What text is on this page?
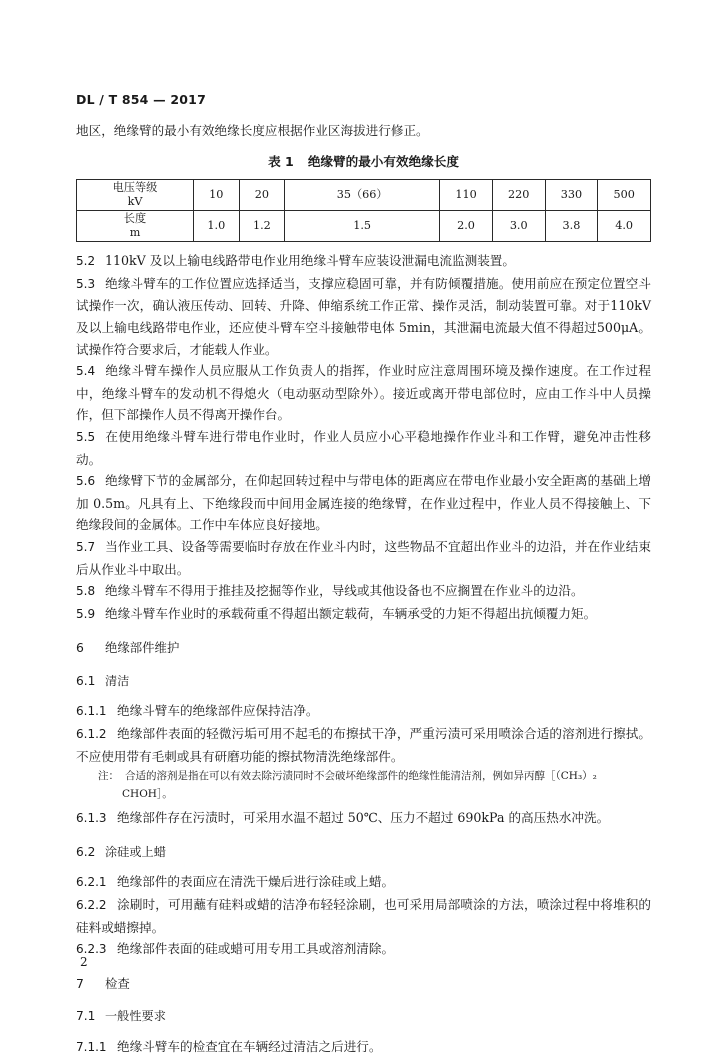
DL / T 854 — 2017

地区，绝缘臂的最小有效绝缘长度应根据作业区海拔进行修正。

表 1 绝缘臂的最小有效绝缘长度
电压等级
kV	10	20	35（66）	110	220	330	500
长度
m	1.0	1.2	1.5	2.0	3.0	3.8	4.0

5.2 110kV 及以上输电线路带电作业用绝缘斗臂车应装设泄漏电流监测装置。

5.3 绝缘斗臂车的工作位置应选择适当，支撑应稳固可靠，并有防倾覆措施。使用前应在预定位置空斗试操作一次，确认液压传动、回转、升降、伸缩系统工作正常、操作灵活，制动装置可靠。对于110kV 及以上输电线路带电作业，还应使斗臂车空斗接触带电体 5min，其泄漏电流最大值不得超过500μA。试操作符合要求后，才能载人作业。

5.4 绝缘斗臂车操作人员应服从工作负责人的指挥，作业时应注意周围环境及操作速度。在工作过程中，绝缘斗臂车的发动机不得熄火（电动驱动型除外）。接近或离开带电部位时，应由工作斗中人员操作，但下部操作人员不得离开操作台。

5.5 在使用绝缘斗臂车进行带电作业时，作业人员应小心平稳地操作作业斗和工作臂，避免冲击性移动。

5.6 绝缘臂下节的金属部分，在仰起回转过程中与带电体的距离应在带电作业最小安全距离的基础上增加 0.5m。凡具有上、下绝缘段而中间用金属连接的绝缘臂，在作业过程中，作业人员不得接触上、下绝缘段间的金属体。工作中车体应良好接地。

5.7 当作业工具、设备等需要临时存放在作业斗内时，这些物品不宜超出作业斗的边沿，并在作业结束后从作业斗中取出。

5.8 绝缘斗臂车不得用于推挂及挖掘等作业，导线或其他设备也不应搁置在作业斗的边沿。

5.9 绝缘斗臂车作业时的承载荷重不得超出额定载荷，车辆承受的力矩不得超出抗倾覆力矩。

6 绝缘部件维护
6.1 清洁

6.1.1 绝缘斗臂车的绝缘部件应保持洁净。

6.1.2 绝缘部件表面的轻微污垢可用不起毛的布擦拭干净，严重污渍可采用喷涂合适的溶剂进行擦拭。不应使用带有毛刺或具有研磨功能的擦拭物清洗绝缘部件。

注： 合适的溶剂是指在可以有效去除污渍同时不会破坏绝缘部件的绝缘性能清洁剂，例如异丙醇［（CH₃）₂
CHOH］。

6.1.3 绝缘部件存在污渍时，可采用水温不超过 50℃、压力不超过 690kPa 的高压热水冲洗。

6.2 涂硅或上蜡

6.2.1 绝缘部件的表面应在清洗干燥后进行涂硅或上蜡。

6.2.2 涂刷时，可用蘸有硅料或蜡的洁净布轻轻涂刷，也可采用局部喷涂的方法，喷涂过程中将堆积的硅料或蜡擦掉。

6.2.3 绝缘部件表面的硅或蜡可用专用工具或溶剂清除。

7 检查
7.1 一般性要求

7.1.1 绝缘斗臂车的检查宜在车辆经过清洁之后进行。

2
